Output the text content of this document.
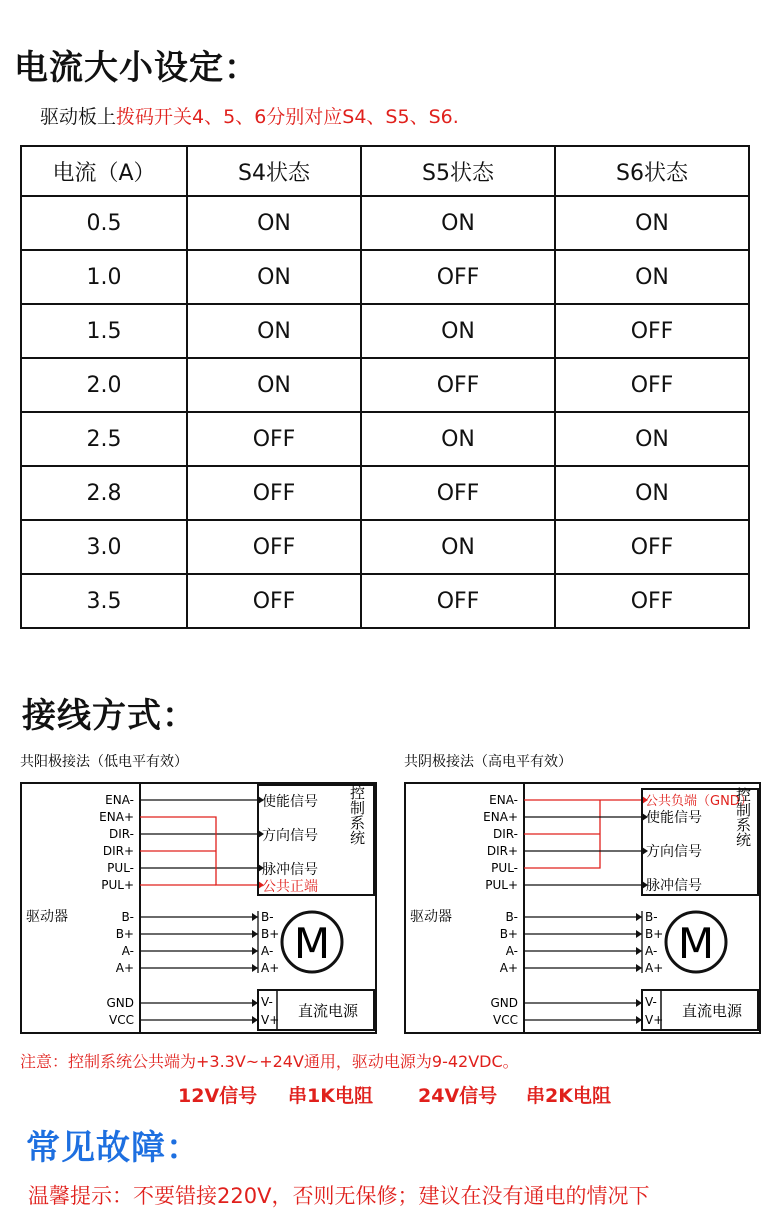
电流大小设定：
驱动板上拨码开关4、5、6分别对应S4、S5、S6.
电流（A）	S4状态	S5状态	S6状态
0.5	ON	ON	ON
1.0	ON	OFF	ON
1.5	ON	ON	OFF
2.0	ON	OFF	OFF
2.5	OFF	ON	ON
2.8	OFF	OFF	ON
3.0	OFF	ON	OFF
3.5	OFF	OFF	OFF
接线方式：
共阳极接法（低电平有效）
驱动器
ENA-
ENA+
DIR-
DIR+
PUL-
PUL+
B-
B+
A-
A+
GND
VCC
使能信号
方向信号
脉冲信号
公共正端
控制系统
B-
B+
A-
A+ M
V-
V+ 直流电源
共阴极接法（高电平有效）
驱动器
ENA-
ENA+
DIR-
DIR+
PUL-
PUL+
B-
B+
A-
A+
GND
VCC
公共负端（GND）
使能信号
方向信号
脉冲信号
控制系统
B-
B+
A-
A+ M
V-
V+ 直流电源
注意：控制系统公共端为+3.3V~+24V通用，驱动电源为9-42VDC。
12V信号 串1K电阻 24V信号 串2K电阻
常见故障：
温馨提示：不要错接220V，否则无保修；建议在没有通电的情况下
